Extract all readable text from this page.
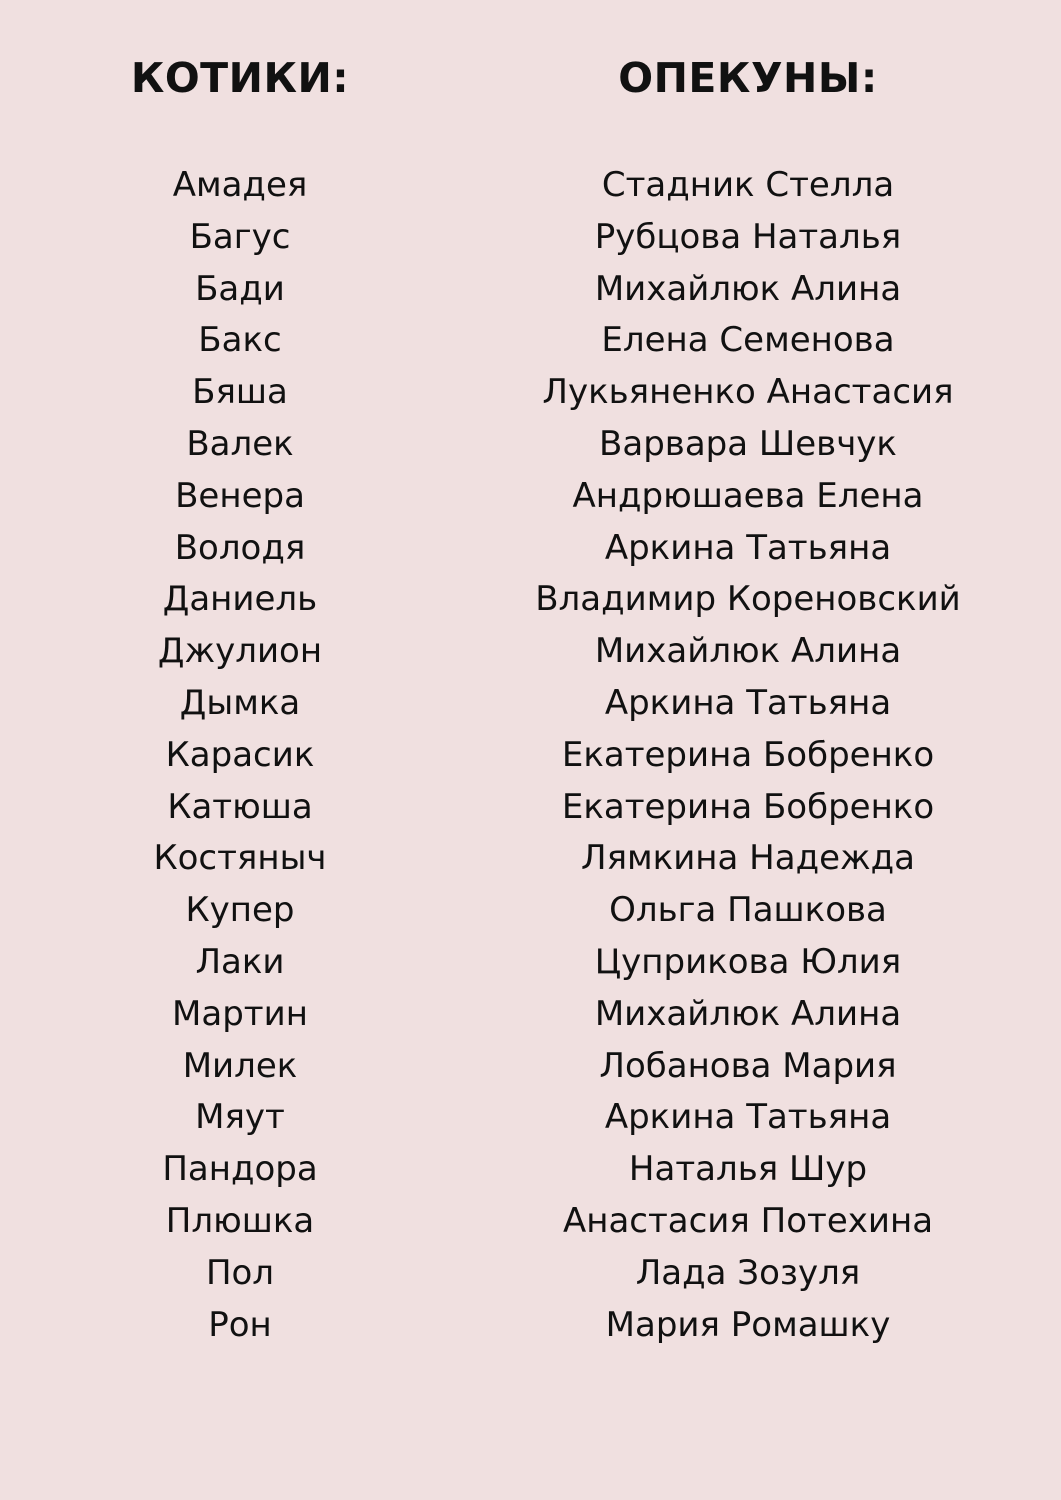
КОТИКИ:
Амадея
Багус
Бади
Бакс
Бяша
Валек
Венера
Володя
Даниель
Джулион
Дымка
Карасик
Катюша
Костяныч
Купер
Лаки
Мартин
Милек
Мяут
Пандора
Плюшка
Пол
Рон
ОПЕКУНЫ:
Стадник Стелла
Рубцова Наталья
Михайлюк Алина
Елена Семенова
Лукьяненко Анастасия
Варвара Шевчук
Андрюшаева Елена
Аркина Татьяна
Владимир Кореновский
Михайлюк Алина
Аркина Татьяна
Екатерина Бобренко
Екатерина Бобренко
Лямкина Надежда
Ольга Пашкова
Цуприкова Юлия
Михайлюк Алина
Лобанова Мария
Аркина Татьяна
Наталья Шур
Анастасия Потехина
Лада Зозуля
Мария Ромашку
